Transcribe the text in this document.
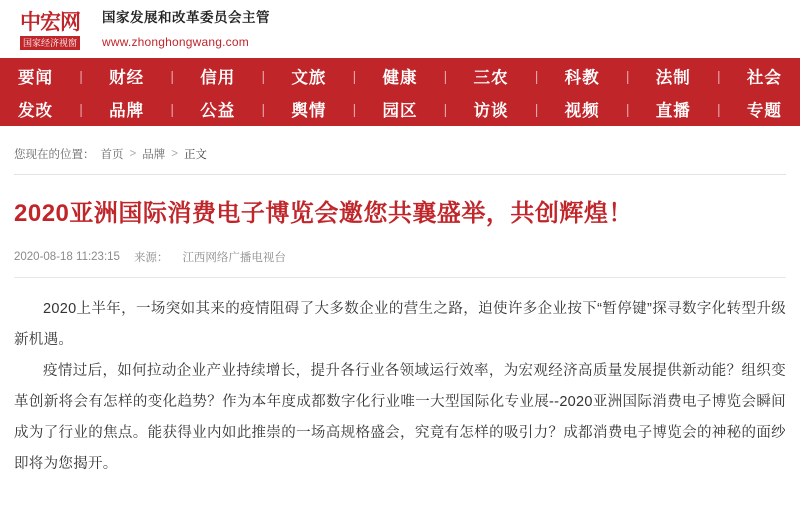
中宏网
国家经济视窗
国家发展和改革委员会主管
www.zhonghongwang.com
要闻 | 财经 | 信用 | 文旅 | 健康 | 三农 | 科教 | 法制 | 社会
发改 | 品牌 | 公益 | 舆情 | 园区 | 访谈 | 视频 | 直播 | 专题
您现在的位置： 首页 > 品牌 > 正文
2020亚洲国际消费电子博览会邀您共襄盛举，共创辉煌！
2020-08-18 11:23:15 来源： 江西网络广播电视台

2020上半年，一场突如其来的疫情阻碍了大多数企业的营生之路，迫使许多企业按下“暂停键”探寻数字化转型升级新机遇。

疫情过后，如何拉动企业产业持续增长，提升各行业各领域运行效率，为宏观经济高质量发展提供新动能？组织变革创新将会有怎样的变化趋势？作为本年度成都数字化行业唯一大型国际化专业展--2020亚洲国际消费电子博览会瞬间成为了行业的焦点。能获得业内如此推崇的一场高规格盛会，究竟有怎样的吸引力？成都消费电子博览会的神秘的面纱即将为您揭开。
